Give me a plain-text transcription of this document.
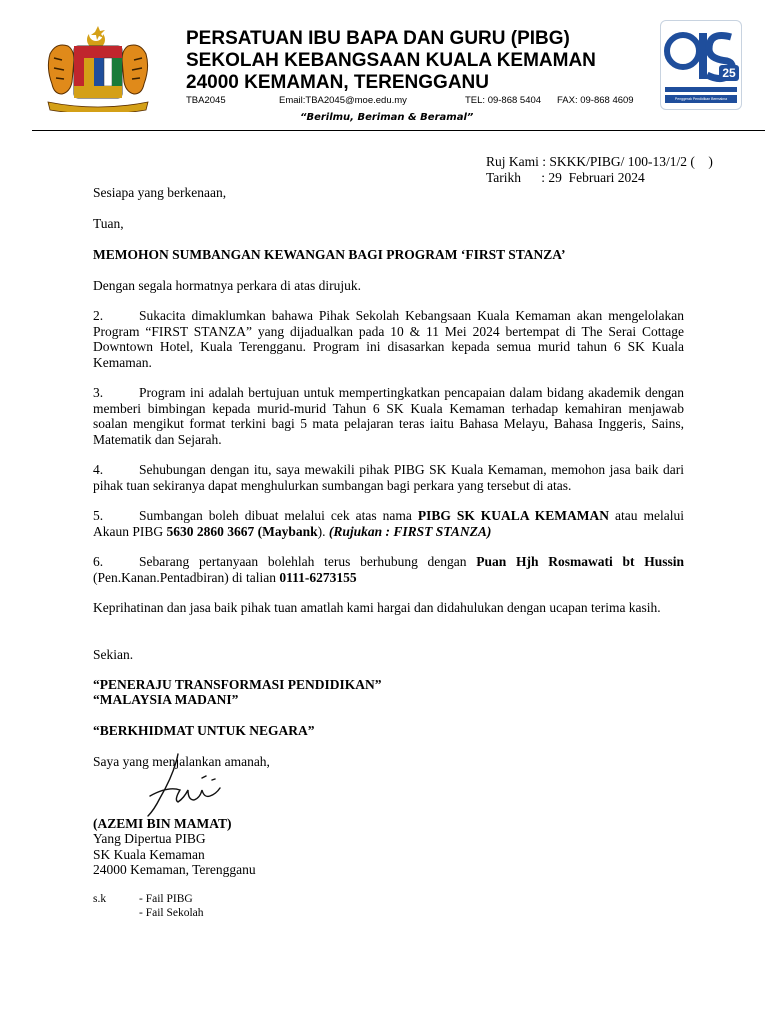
PERSATUAN IBU BAPA DAN GURU (PIBG)
SEKOLAH KEBANGSAAN KUALA KEMAMAN
24000 KEMAMAN, TERENGGANU
TBA2045	Email:TBA2045@moe.edu.my	TEL: 09-868 5404 FAX: 09-868 4609
“Berilmu, Beriman & Beramal”
25
Penggerak Pendidikan Bermakna
Ruj Kami : SKKK/PIBG/ 100-13/1/2 (    )
Tarikh      : 29  Februari 2024
Sesiapa yang berkenaan,
Tuan,
MEMOHON SUMBANGAN KEWANGAN BAGI PROGRAM ‘FIRST STANZA’
Dengan segala hormatnya perkara di atas dirujuk.
2.	Sukacita dimaklumkan bahawa Pihak Sekolah Kebangsaan Kuala Kemaman akan mengelolakan Program “FIRST STANZA” yang dijadualkan pada 10 & 11 Mei 2024 bertempat di The Serai Cottage Downtown Hotel, Kuala Terengganu. Program ini disasarkan kepada semua murid tahun 6 SK Kuala Kemaman.
3.	Program ini adalah bertujuan untuk mempertingkatkan pencapaian dalam bidang akademik dengan memberi bimbingan kepada murid-murid Tahun 6 SK Kuala Kemaman terhadap kemahiran menjawab soalan mengikut format terkini bagi 5 mata pelajaran teras iaitu Bahasa Melayu, Bahasa Inggeris, Sains, Matematik dan Sejarah.
4.	Sehubungan dengan itu, saya mewakili pihak PIBG SK Kuala Kemaman, memohon jasa baik dari pihak tuan sekiranya dapat menghulurkan sumbangan bagi perkara yang tersebut di atas.
5.	Sumbangan boleh dibuat melalui cek atas nama PIBG SK KUALA KEMAMAN atau melalui Akaun PIBG 5630 2860 3667 (Maybank). (Rujukan : FIRST STANZA)
6.	Sebarang pertanyaan bolehlah terus berhubung dengan Puan Hjh Rosmawati bt Hussin (Pen.Kanan.Pentadbiran) di talian 0111-6273155
Keprihatinan dan jasa baik pihak tuan amatlah kami hargai dan didahulukan dengan ucapan terima kasih.
Sekian.
“PENERAJU TRANSFORMASI PENDIDIKAN”
“MALAYSIA MADANI”
“BERKHIDMAT UNTUK NEGARA”
Saya yang menjalankan amanah,
(AZEMI BIN MAMAT)
Yang Dipertua PIBG
SK Kuala Kemaman
24000 Kemaman, Terengganu
s.k	- Fail PIBG
- Fail Sekolah
